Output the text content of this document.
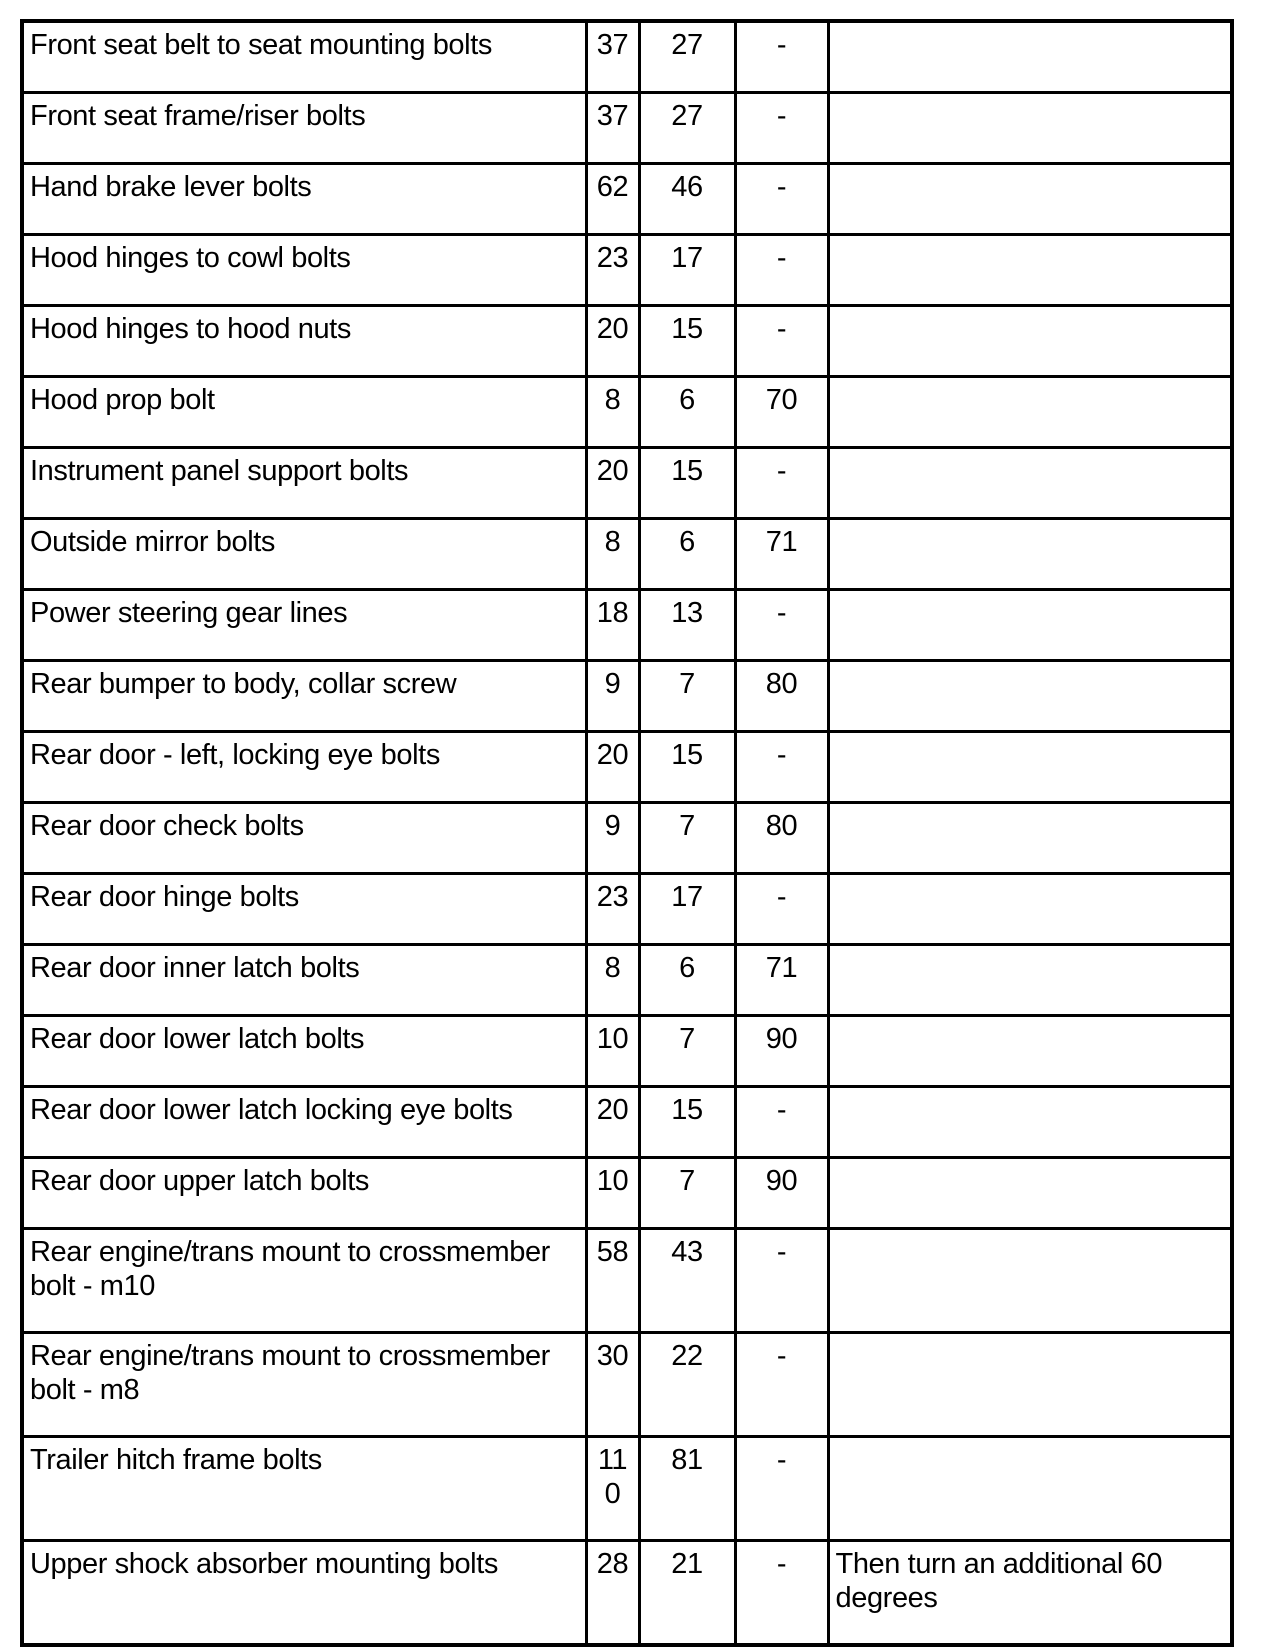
Front seat belt to seat mounting bolts	37	27	-	
Front seat frame/riser bolts	37	27	-	
Hand brake lever bolts	62	46	-	
Hood hinges to cowl bolts	23	17	-	
Hood hinges to hood nuts	20	15	-	
Hood prop bolt	8	6	70	
Instrument panel support bolts	20	15	-	
Outside mirror bolts	8	6	71	
Power steering gear lines	18	13	-	
Rear bumper to body, collar screw	9	7	80	
Rear door - left, locking eye bolts	20	15	-	
Rear door check bolts	9	7	80	
Rear door hinge bolts	23	17	-	
Rear door inner latch bolts	8	6	71	
Rear door lower latch bolts	10	7	90	
Rear door lower latch locking eye bolts	20	15	-	
Rear door upper latch bolts	10	7	90	
Rear engine/trans mount to crossmember bolt - m10	58	43	-	
Rear engine/trans mount to crossmember bolt - m8	30	22	-	
Trailer hitch frame bolts	110	81	-	
Upper shock absorber mounting bolts	28	21	-	Then turn an additional 60 degrees
